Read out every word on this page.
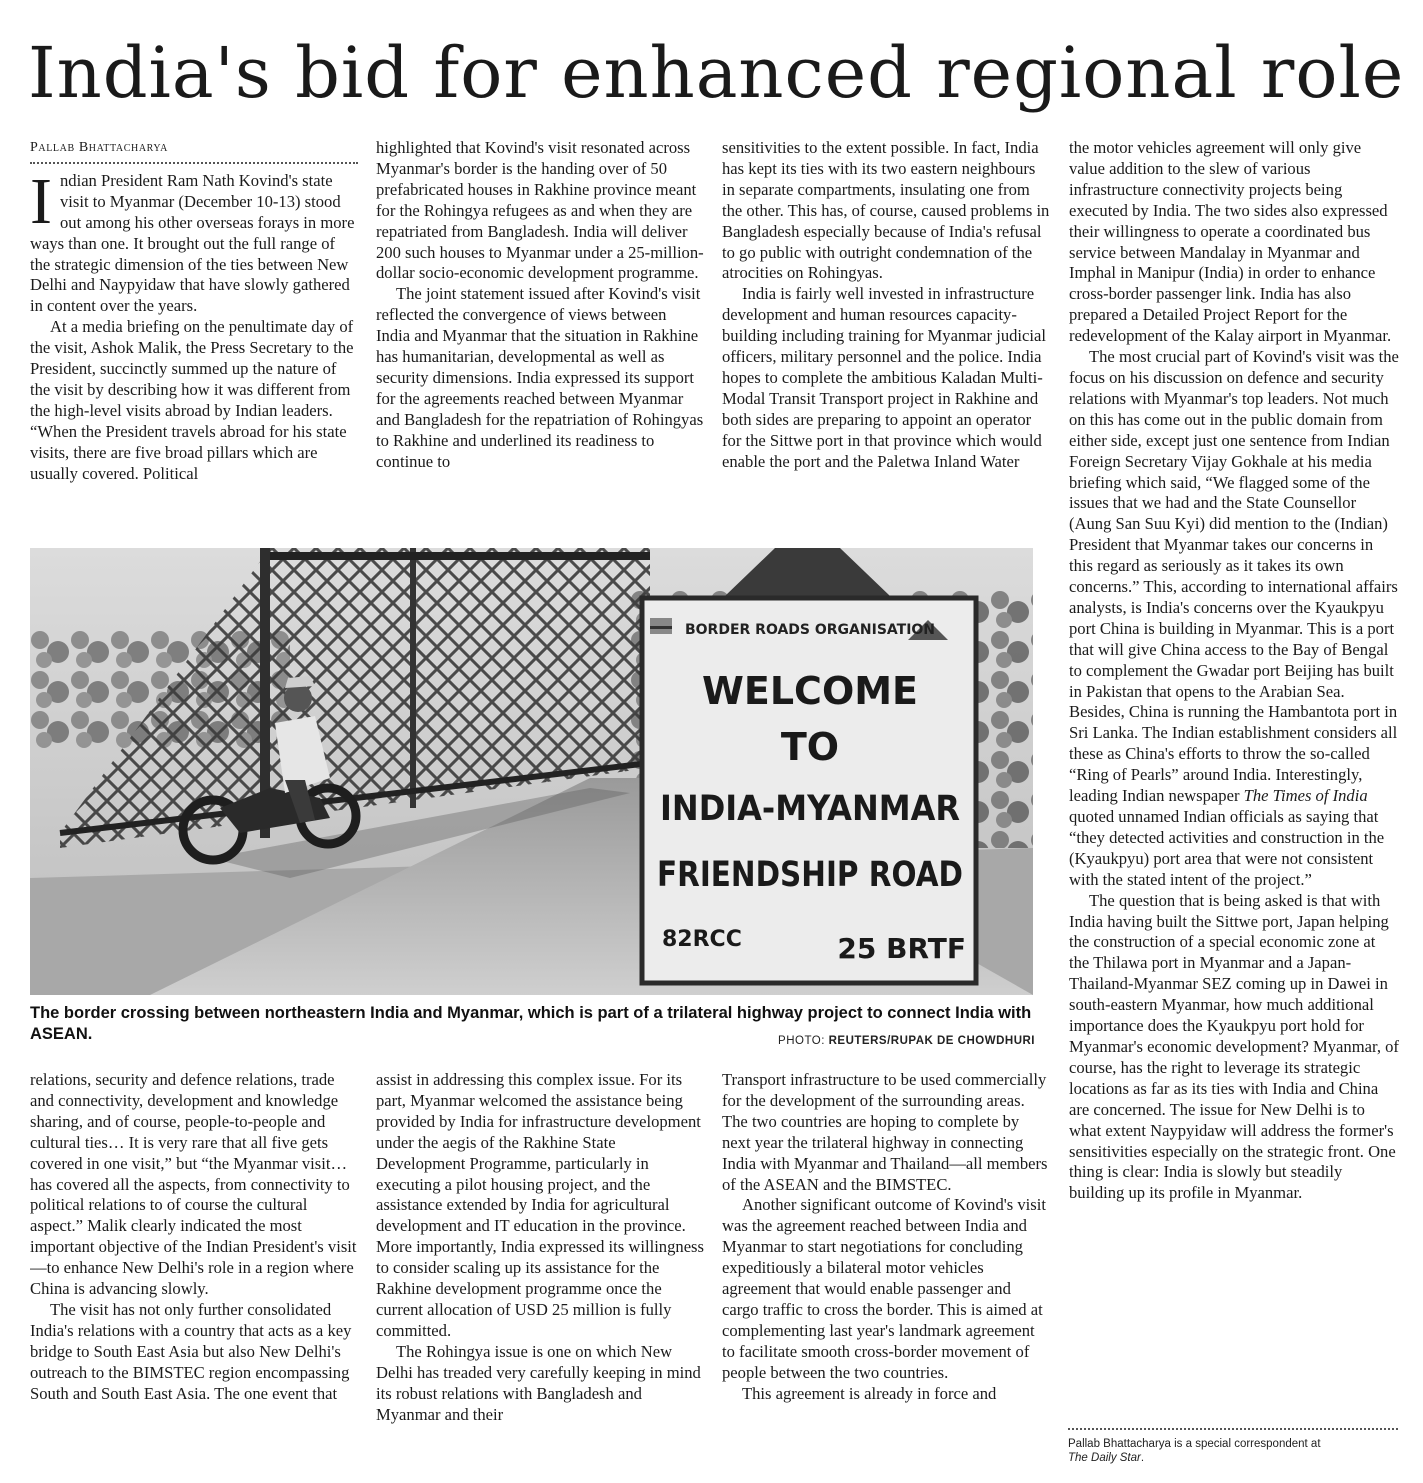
India's bid for enhanced regional role
Pallab Bhattacharya

Indian President Ram Nath Kovind's state visit to Myanmar (December 10-13) stood out among his other overseas forays in more ways than one. It brought out the full range of the strategic dimension of the ties between New Delhi and Naypyidaw that have slowly gathered in content over the years.

At a media briefing on the penultimate day of the visit, Ashok Malik, the Press Secretary to the President, succinctly summed up the nature of the visit by describing how it was different from the high-level visits abroad by Indian leaders. “When the President travels abroad for his state visits, there are five broad pillars which are usually covered. Political

highlighted that Kovind's visit resonated across Myanmar's border is the handing over of 50 prefabricated houses in Rakhine province meant for the Rohingya refugees as and when they are repatriated from Bangladesh. India will deliver 200 such houses to Myanmar under a 25-million-dollar socio-economic development programme.

The joint statement issued after Kovind's visit reflected the convergence of views between India and Myanmar that the situation in Rakhine has humanitarian, developmental as well as security dimensions. India expressed its support for the agreements reached between Myanmar and Bangladesh for the repatriation of Rohingyas to Rakhine and underlined its readiness to continue to

sensitivities to the extent possible. In fact, India has kept its ties with its two eastern neighbours in separate compartments, insulating one from the other. This has, of course, caused problems in Bangladesh especially because of India's refusal to go public with outright condemnation of the atrocities on Rohingyas.

India is fairly well invested in infrastructure development and human resources capacity-building including training for Myanmar judicial officers, military personnel and the police. India hopes to complete the ambitious Kaladan Multi-Modal Transit Transport project in Rakhine and both sides are preparing to appoint an operator for the Sittwe port in that province which would enable the port and the Paletwa Inland Water

the motor vehicles agreement will only give value addition to the slew of various infrastructure connectivity projects being executed by India. The two sides also expressed their willingness to operate a coordinated bus service between Mandalay in Myanmar and Imphal in Manipur (India) in order to enhance cross-border passenger link. India has also prepared a Detailed Project Report for the redevelopment of the Kalay airport in Myanmar.

The most crucial part of Kovind's visit was the focus on his discussion on defence and security relations with Myanmar's top leaders. Not much on this has come out in the public domain from either side, except just one sentence from Indian Foreign Secretary Vijay Gokhale at his media briefing which said, “We flagged some of the issues that we had and the State Counsellor (Aung San Suu Kyi) did mention to the (Indian) President that Myanmar takes our concerns in this regard as seriously as it takes its own concerns.” This, according to international affairs analysts, is India's concerns over the Kyaukpyu port China is building in Myanmar. This is a port that will give China access to the Bay of Bengal to complement the Gwadar port Beijing has built in Pakistan that opens to the Arabian Sea. Besides, China is running the Hambantota port in Sri Lanka. The Indian establishment considers all these as China's efforts to throw the so-called “Ring of Pearls” around India. Interestingly, leading Indian newspaper The Times of India quoted unnamed Indian officials as saying that “they detected activities and construction in the (Kyaukpyu) port area that were not consistent with the stated intent of the project.”

The question that is being asked is that with India having built the Sittwe port, Japan helping the construction of a special economic zone at the Thilawa port in Myanmar and a Japan-Thailand-Myanmar SEZ coming up in Dawei in south-eastern Myanmar, how much additional importance does the Kyaukpyu port hold for Myanmar's economic development? Myanmar, of course, has the right to leverage its strategic locations as far as its ties with India and China are concerned. The issue for New Delhi is to what extent Naypyidaw will address the former's sensitivities especially on the strategic front. One thing is clear: India is slowly but steadily building up its profile in Myanmar.

BORDER ROADS ORGANISATION
WELCOME
TO
INDIA-MYANMAR
FRIENDSHIP ROAD
82RCC	25 BRTF

The border crossing between northeastern India and Myanmar, which is part of a trilateral highway project to connect India with ASEAN.	PHOTO: REUTERS/RUPAK DE CHOWDHURI

relations, security and defence relations, trade and connectivity, development and knowledge sharing, and of course, people-to-people and cultural ties… It is very rare that all five gets covered in one visit,” but “the Myanmar visit…has covered all the aspects, from connectivity to political relations to of course the cultural aspect.” Malik clearly indicated the most important objective of the Indian President's visit—to enhance New Delhi's role in a region where China is advancing slowly.

The visit has not only further consolidated India's relations with a country that acts as a key bridge to South East Asia but also New Delhi's outreach to the BIMSTEC region encompassing South and South East Asia. The one event that

assist in addressing this complex issue. For its part, Myanmar welcomed the assistance being provided by India for infrastructure development under the aegis of the Rakhine State Development Programme, particularly in executing a pilot housing project, and the assistance extended by India for agricultural development and IT education in the province. More importantly, India expressed its willingness to consider scaling up its assistance for the Rakhine development programme once the current allocation of USD 25 million is fully committed.

The Rohingya issue is one on which New Delhi has treaded very carefully keeping in mind its robust relations with Bangladesh and Myanmar and their

Transport infrastructure to be used commercially for the development of the surrounding areas. The two countries are hoping to complete by next year the trilateral highway in connecting India with Myanmar and Thailand—all members of the ASEAN and the BIMSTEC.

Another significant outcome of Kovind's visit was the agreement reached between India and Myanmar to start negotiations for concluding expeditiously a bilateral motor vehicles agreement that would enable passenger and cargo traffic to cross the border. This is aimed at complementing last year's landmark agreement to facilitate smooth cross-border movement of people between the two countries.

This agreement is already in force and

Pallab Bhattacharya is a special correspondent at
The Daily Star.
